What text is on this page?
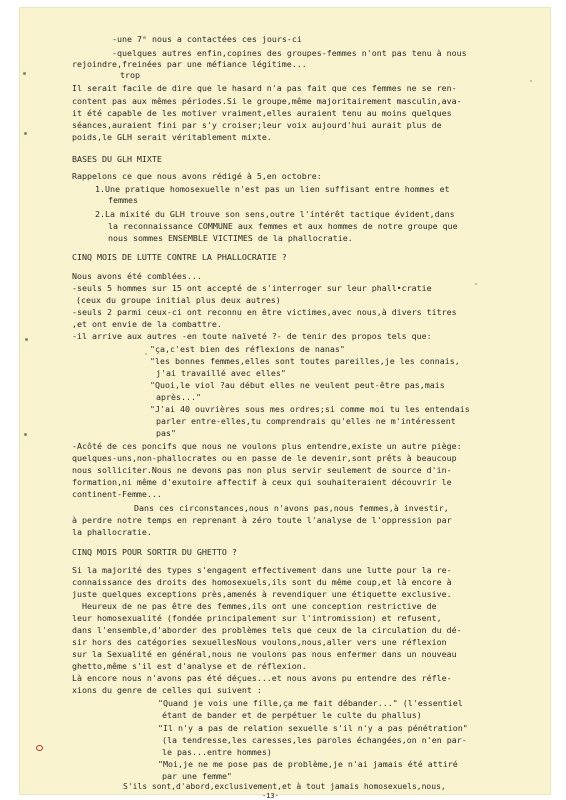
-une 7ᵉ nous a contactées ces jours-ci
-quelques autres enfin,copines des groupes-femmes n'ont pas tenu à nous
rejoindre,freinées par une méfiance légitime...
trop
Il serait facile de dire que le hasard n'a pas fait que ces femmes ne se ren-
content pas aux mêmes périodes.Si le groupe,même majoritairement masculin,ava-
it été capable de les motiver vraiment,elles auraient tenu au moins quelques
séances,auraient fini par s'y croiser;leur voix aujourd'hui aurait plus de
poids,le GLH serait véritablement mixte.
BASES DU GLH MIXTE
Rappelons ce que nous avons rédigé à 5,en octobre:
1.Une pratique homosexuelle n'est pas un lien suffisant entre hommes et
femmes
2.La mixité du GLH trouve son sens,outre l'intérêt tactique évident,dans
la reconnaissance COMMUNE aux femmes et aux hommes de notre groupe que
nous sommes ENSEMBLE VICTIMES de la phallocratie.
CINQ MOIS DE LUTTE CONTRE LA PHALLOCRATIE ?
Nous avons été comblées...
-seuls 5 hommes sur 15 ont accepté de s'interroger sur leur phall•cratie
(ceux du groupe initial plus deux autres)
-seuls 2 parmi ceux-ci ont reconnu en être victimes,avec nous,à divers titres
,et ont envie de la combattre.
-il arrive aux autres -en toute naïveté ?- de tenir des propos tels que:
"ça,c'est bien des réflexions de nanas"
"les bonnes femmes,elles sont toutes pareilles,je les connais,
j'ai travaillé avec elles"
"Quoi,le viol ?au début elles ne veulent peut-être pas,mais
après..."
"J'ai 40 ouvrières sous mes ordres;si comme moi tu les entendais
parler entre-elles,tu comprendrais qu'elles ne m'intéressent
pas"
-Acôté de ces poncifs que nous ne voulons plus entendre,existe un autre piège:
quelques-uns,non-phallocrates ou en passe de le devenir,sont prêts à beaucoup
nous solliciter.Nous ne devons pas non plus servir seulement de source d'in-
formation,ni même d'exutoire affectif à ceux qui souhaiteraient découvrir le
continent-Femme...
Dans ces circonstances,nous n'avons pas,nous femmes,à investir,
à perdre notre temps en reprenant à zéro toute l'analyse de l'oppression par
la phallocratie.
CINQ MOIS POUR SORTIR DU GHETTO ?
Si la majorité des types s'engagent effectivement dans une lutte pour la re-
connaissance des droits des homosexuels,ils sont du même coup,et là encore à
juste quelques exceptions près,amenés à revendiquer une étiquette exclusive.
Heureux de ne pas être des femmes,ils ont une conception restrictive de
leur homosexualité (fondée principalement sur l'intromission) et refusent,
dans l'ensemble,d'aborder des problèmes tels que ceux de la circulation du dé-
sir hors des catégories sexuellesNous voulons,nous,aller vers une réflexion
sur la Sexualité en général,nous ne voulons pas nous enfermer dans un nouveau
ghetto,même s'il est d'analyse et de réflexion.
Là encore nous n'avons pas été déçues...et nous avons pu entendre des réfle-
xions du genre de celles qui suivent :
"Quand je vois une fille,ça me fait débander..." (l'essentiel
étant de bander et de perpétuer le culte du phallus)
"Il n'y a pas de relation sexuelle s'il n'y a pas pénétration"
(la tendresse,les caresses,les paroles échangées,on n'en par-
le pas...entre hommes)
"Moi,je ne me pose pas de problème,je n'ai jamais été attiré
par une femme"
S'ils sont,d'abord,exclusivement,et à tout jamais homosexuels,nous,
-13-
